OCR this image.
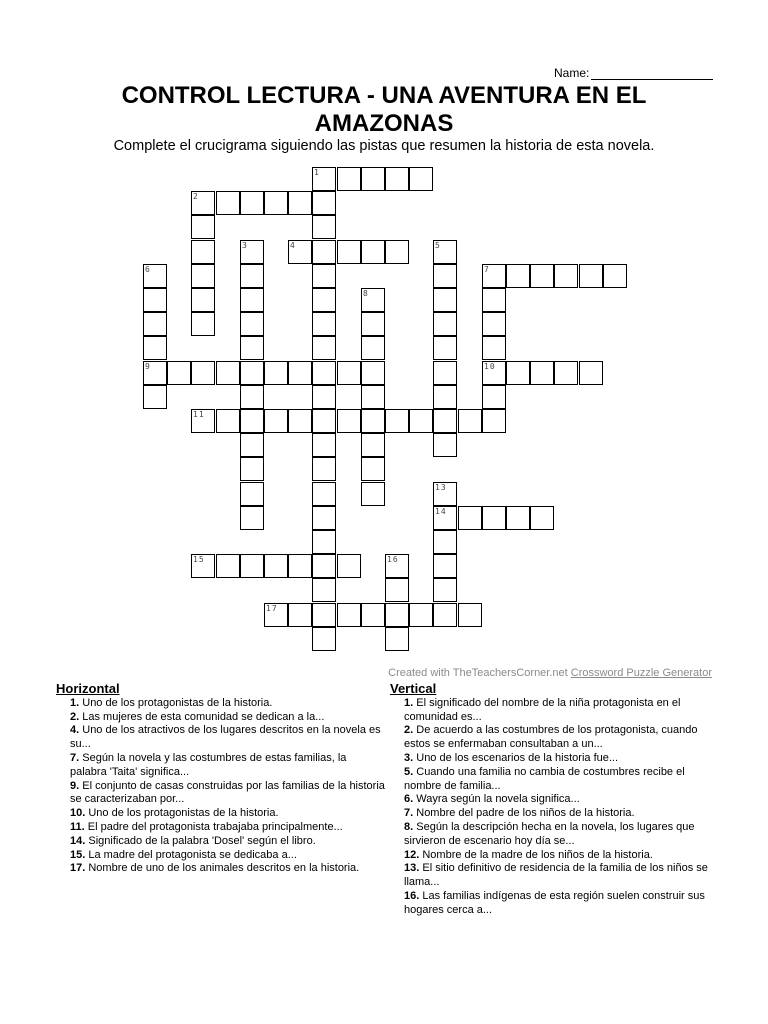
Name:
CONTROL LECTURA - UNA AVENTURA EN EL
AMAZONAS
Complete el crucigrama siguiendo las pistas que resumen la historia de esta novela.
1
2
4
7
9	10
11
14
15
17
3	5
6
8
13
16
Created with TheTeachersCorner.net Crossword Puzzle Generator
Horizontal
1. Uno de los protagonistas de la historia.
2. Las mujeres de esta comunidad se dedican a la...
4. Uno de los atractivos de los lugares descritos en la novela es su...
7. Según la novela y las costumbres de estas familias, la palabra 'Taita' significa...
9. El conjunto de casas construidas por las familias de la historia se caracterizaban por...
10. Uno de los protagonistas de la historia.
11. El padre del protagonista trabajaba principalmente...
14. Significado de la palabra 'Dosel' según el libro.
15. La madre del protagonista se dedicaba a...
17. Nombre de uno de los animales descritos en la historia.
Vertical
1. El significado del nombre de la niña protagonista en el comunidad es...
2. De acuerdo a las costumbres de los protagonista, cuando estos se enfermaban consultaban a un...
3. Uno de los escenarios de la historia fue...
5. Cuando una familia no cambia de costumbres recibe el nombre de familia...
6. Wayra según la novela significa...
7. Nombre del padre de los niños de la historia.
8. Según la descripción hecha en la novela, los lugares que sirvieron de escenario hoy día se...
12. Nombre de la madre de los niños de la historia.
13. El sitio definitivo de residencia de la familia de los niños se llama...
16. Las familias indígenas de esta región suelen construir sus hogares cerca a...
